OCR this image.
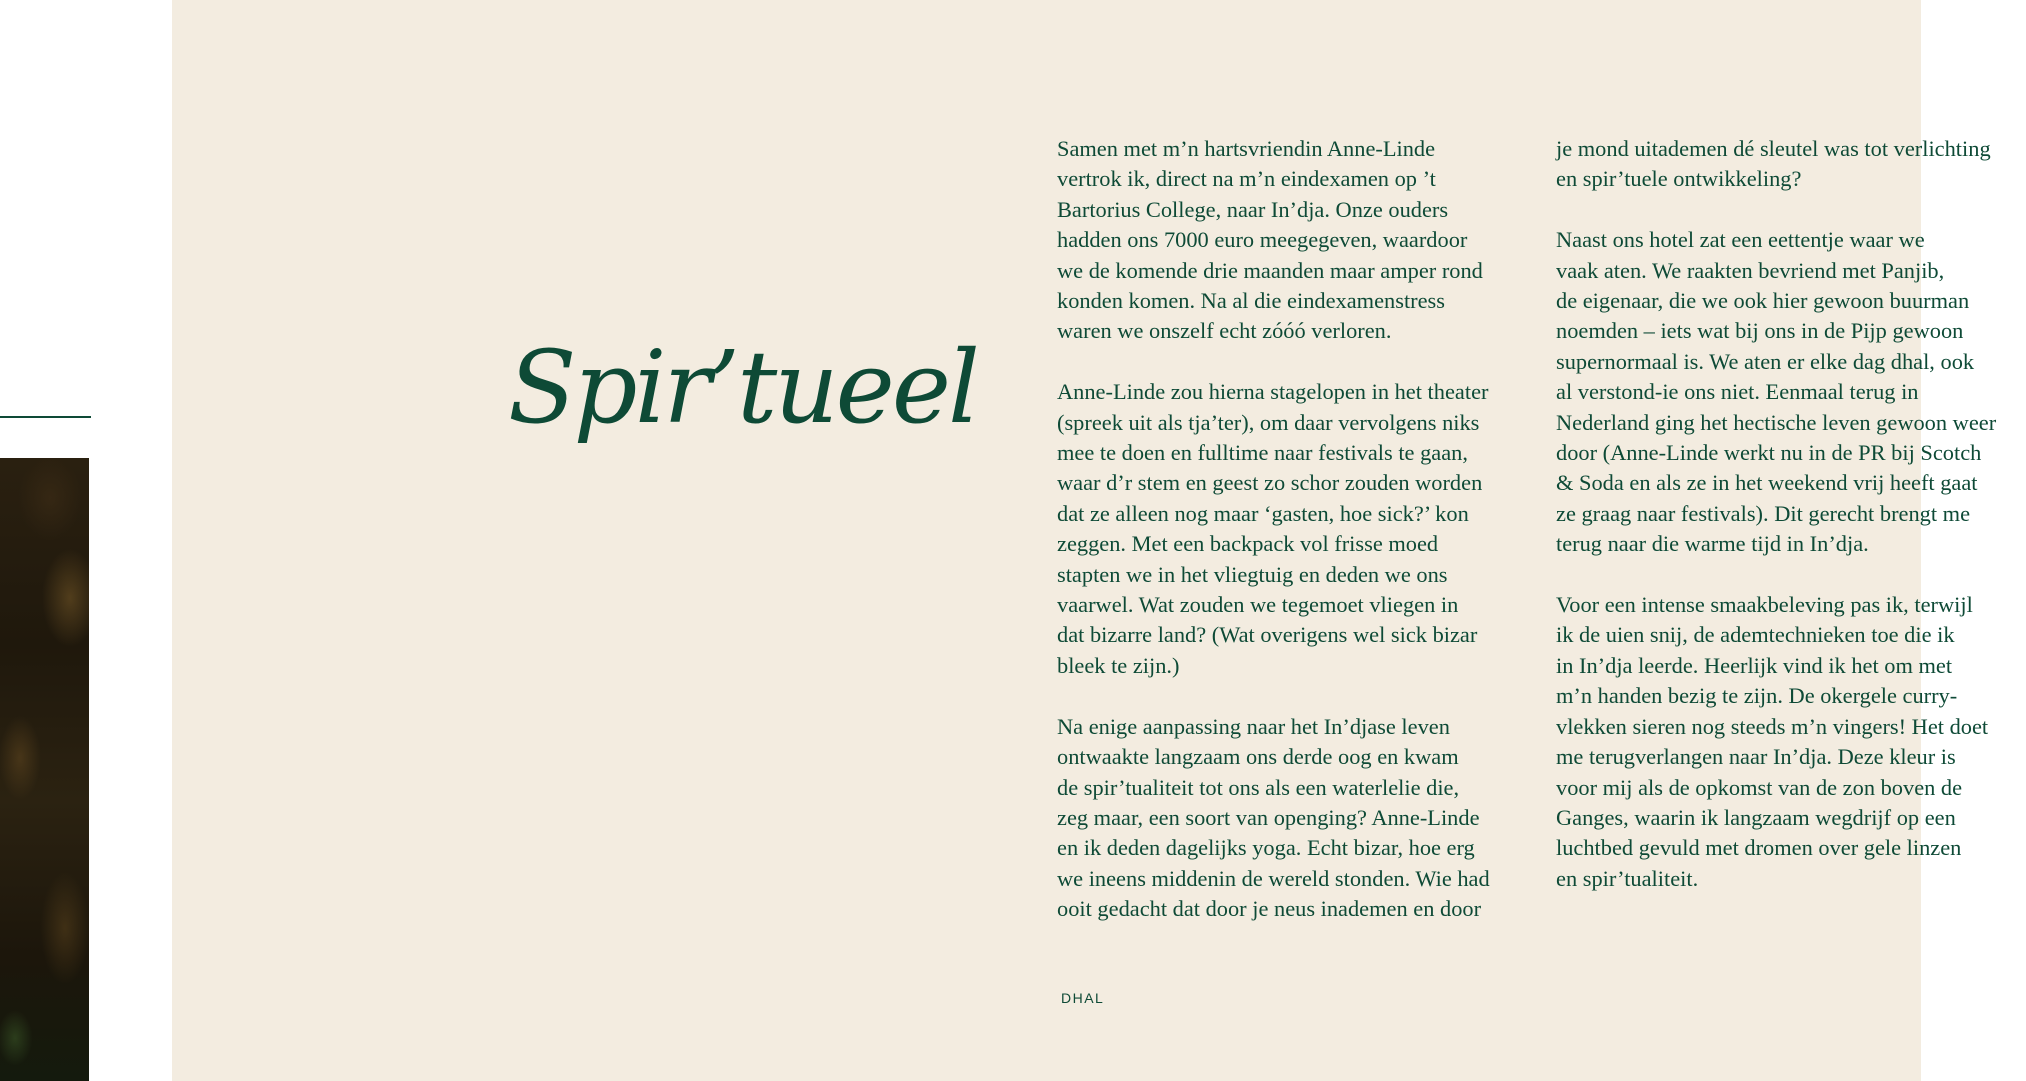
Spir’tueel

Samen met m’n hartsvriendin Anne-Linde
vertrok ik, direct na m’n eindexamen op ’t
Bartorius College, naar In’dja. Onze ouders
hadden ons 7000 euro meegegeven, waardoor
we de komende drie maanden maar amper rond
konden komen. Na al die eindexamenstress
waren we onszelf echt zóóó verloren.

Anne-Linde zou hierna stagelopen in het theater
(spreek uit als tja’ter), om daar vervolgens niks
mee te doen en fulltime naar festivals te gaan,
waar d’r stem en geest zo schor zouden worden
dat ze alleen nog maar ‘gasten, hoe sick?’ kon
zeggen. Met een backpack vol frisse moed
stapten we in het vliegtuig en deden we ons
vaarwel. Wat zouden we tegemoet vliegen in
dat bizarre land? (Wat overigens wel sick bizar
bleek te zijn.)

Na enige aanpassing naar het In’djase leven
ontwaakte langzaam ons derde oog en kwam
de spir’tualiteit tot ons als een waterlelie die,
zeg maar, een soort van openging? Anne-Linde
en ik deden dagelijks yoga. Echt bizar, hoe erg
we ineens middenin de wereld stonden. Wie had
ooit gedacht dat door je neus inademen en door

je mond uitademen dé sleutel was tot verlichting
en spir’tuele ontwikkeling?

Naast ons hotel zat een eettentje waar we
vaak aten. We raakten bevriend met Panjib,
de eigenaar, die we ook hier gewoon buurman
noemden – iets wat bij ons in de Pijp gewoon
supernormaal is. We aten er elke dag dhal, ook
al verstond-ie ons niet. Eenmaal terug in
Nederland ging het hectische leven gewoon weer
door (Anne-Linde werkt nu in de PR bij Scotch
& Soda en als ze in het weekend vrij heeft gaat
ze graag naar festivals). Dit gerecht brengt me
terug naar die warme tijd in In’dja.

Voor een intense smaakbeleving pas ik, terwijl
ik de uien snij, de ademtechnieken toe die ik
in In’dja leerde. Heerlijk vind ik het om met
m’n handen bezig te zijn. De okergele curry-
vlekken sieren nog steeds m’n vingers! Het doet
me terugverlangen naar In’dja. Deze kleur is
voor mij als de opkomst van de zon boven de
Ganges, waarin ik langzaam wegdrijf op een
luchtbed gevuld met dromen over gele linzen
en spir’tualiteit.

DHAL
